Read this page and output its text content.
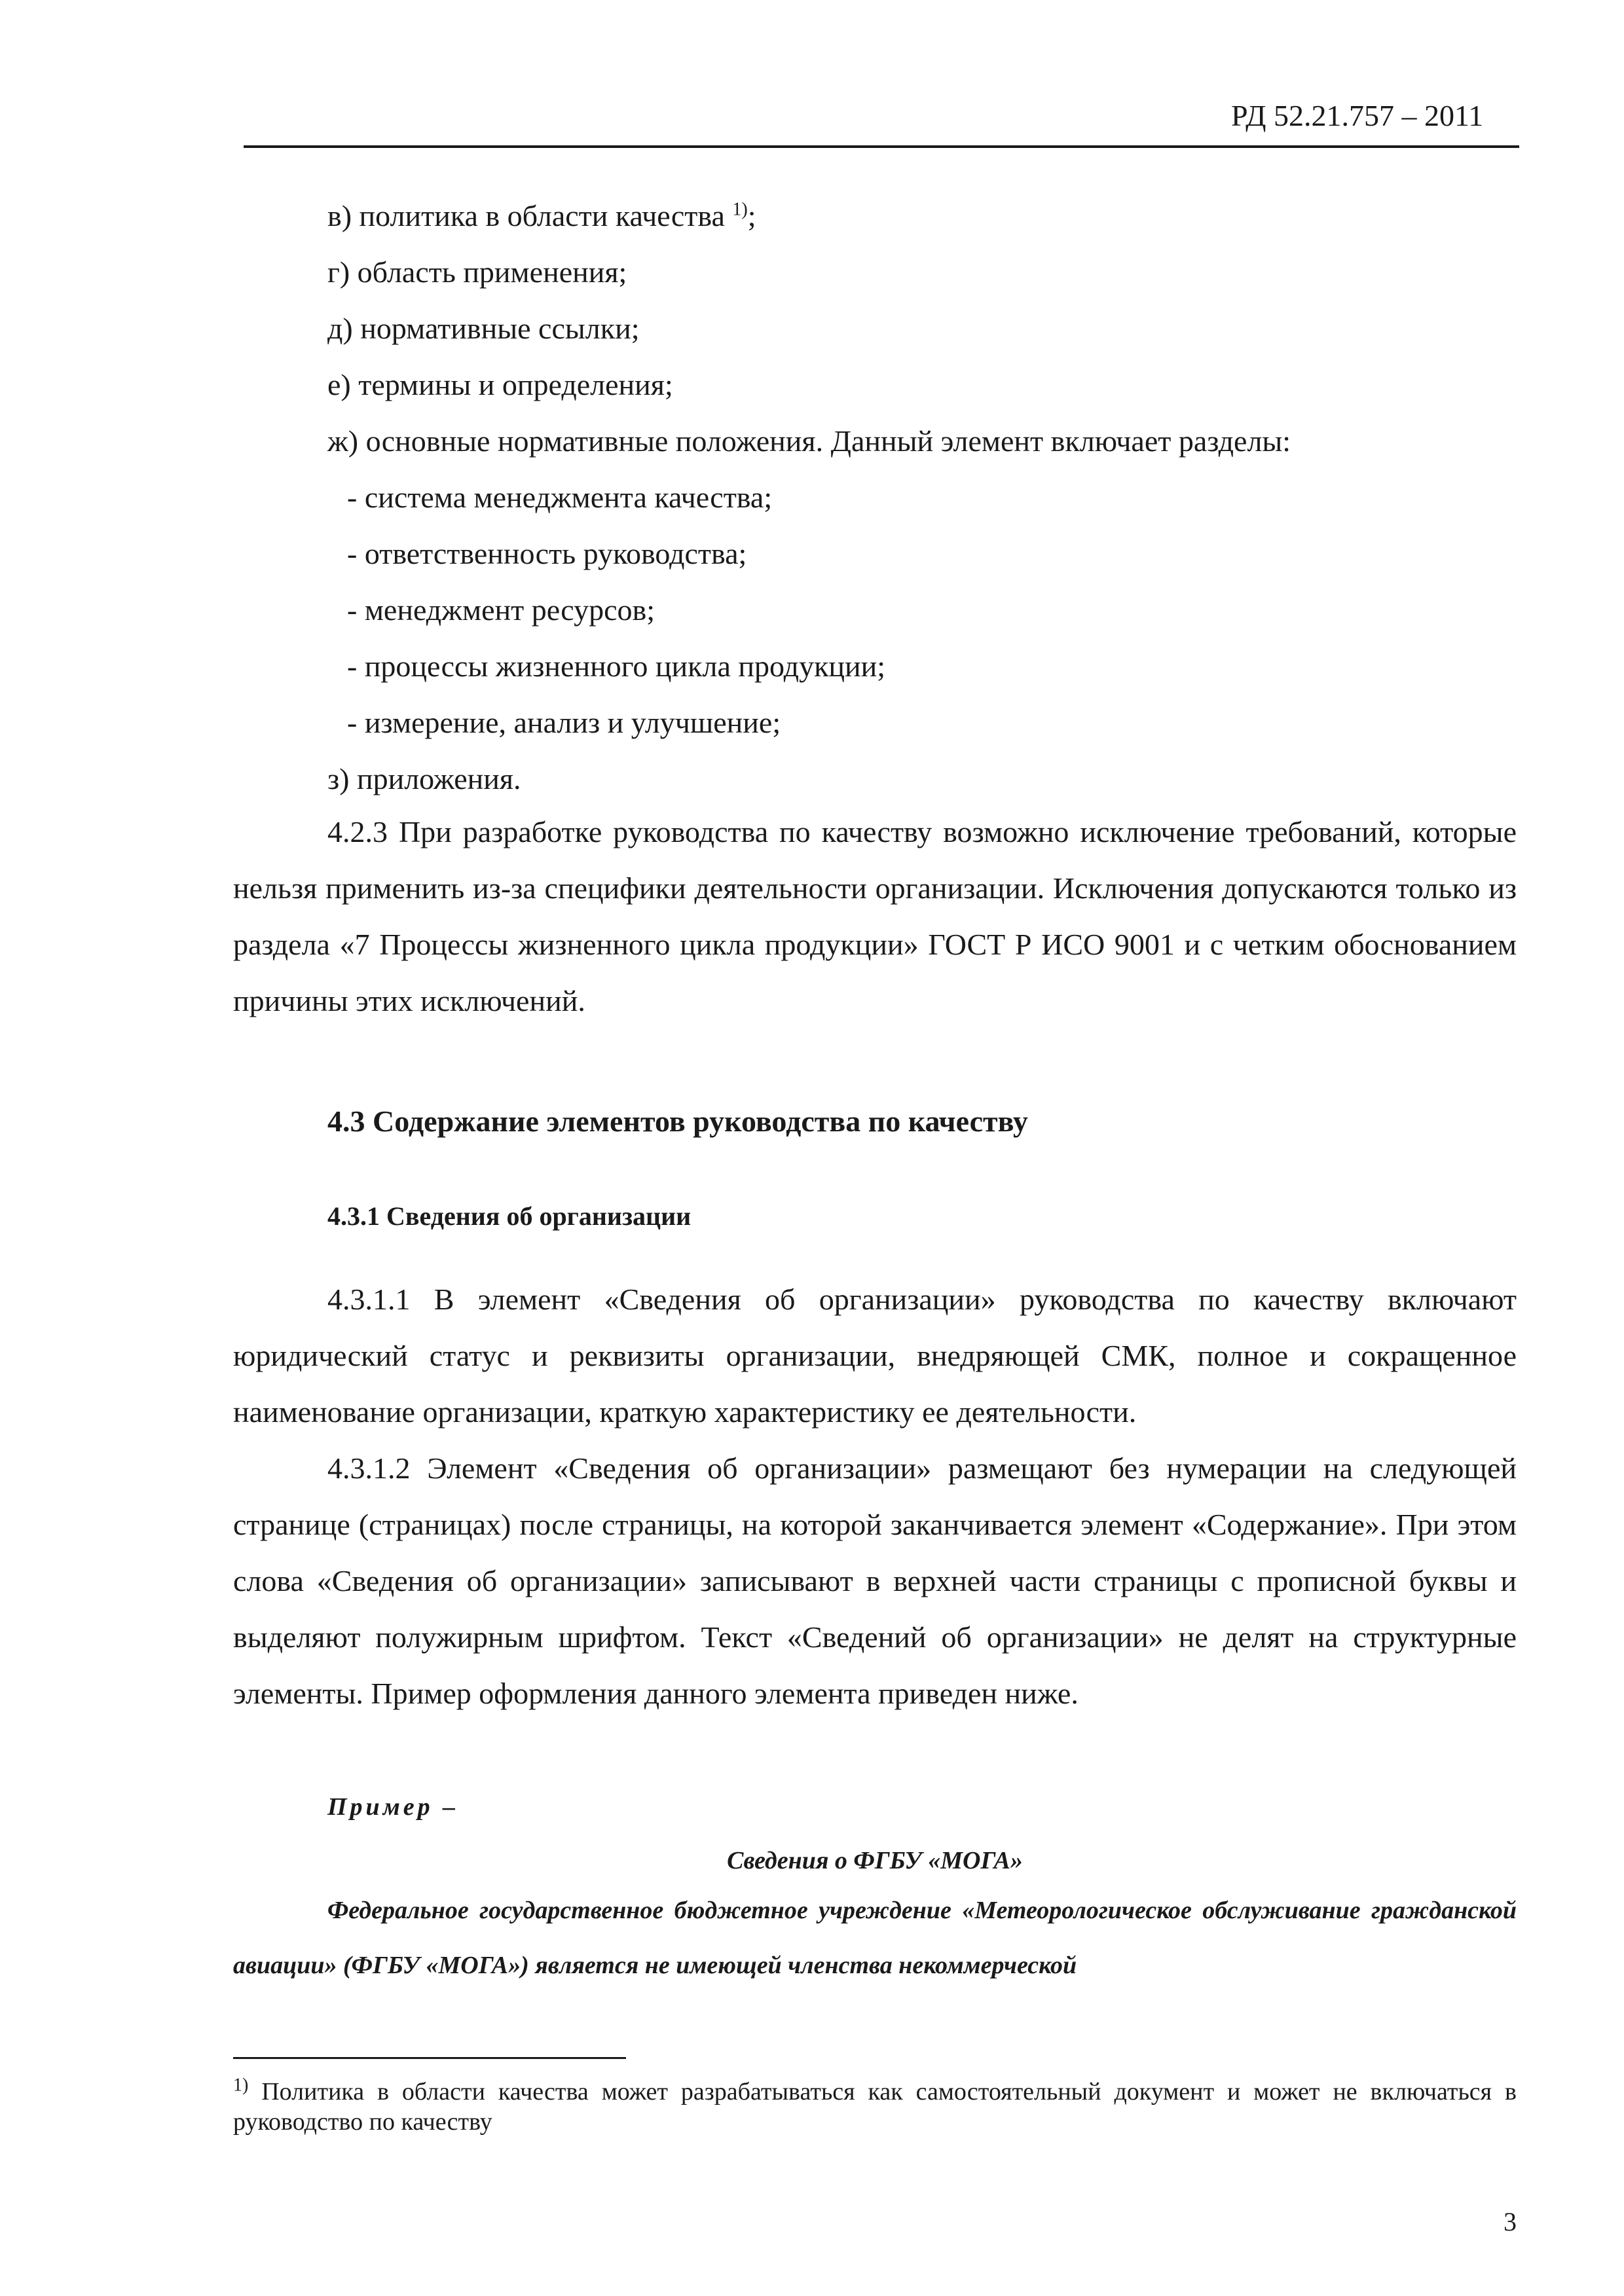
РД 52.21.757 – 2011
в) политика в области качества $^{1)}$;
г) область применения;
д) нормативные ссылки;
е) термины и определения;
ж) основные нормативные положения. Данный элемент включает разделы:
- система менеджмента качества;
- ответственность руководства;
- менеджмент ресурсов;
- процессы жизненного цикла продукции;
- измерение, анализ и улучшение;
з) приложения.
4.2.3 При разработке руководства по качеству возможно исключение требований, которые нельзя применить из-за специфики деятельности организации. Исключения допускаются только из раздела «7 Процессы жизненного цикла продукции» ГОСТ Р ИСО 9001 и с четким обоснованием причины этих исключений.
4.3 Содержание элементов руководства по качеству
4.3.1 Сведения об организации
4.3.1.1 В элемент «Сведения об организации» руководства по качеству включают юридический статус и реквизиты организации, внедряющей СМК, полное и сокращенное наименование организации, краткую характеристику ее деятельности.
4.3.1.2 Элемент «Сведения об организации» размещают без нумерации на следующей странице (страницах) после страницы, на которой заканчивается элемент «Содержание». При этом слова «Сведения об организации» записывают в верхней части страницы с прописной буквы и выделяют полужирным шрифтом. Текст «Сведений об организации» не делят на структурные элементы. Пример оформления данного элемента приведен ниже.
Пример –
Сведения о ФГБУ «МОГА»
Федеральное государственное бюджетное учреждение «Метеорологическое обслуживание гражданской авиации» (ФГБУ «МОГА») является не имеющей членства некоммерческой
$^{1)}$ Политика в области качества может разрабатываться как самостоятельный документ и может не включаться в руководство по качеству
3
